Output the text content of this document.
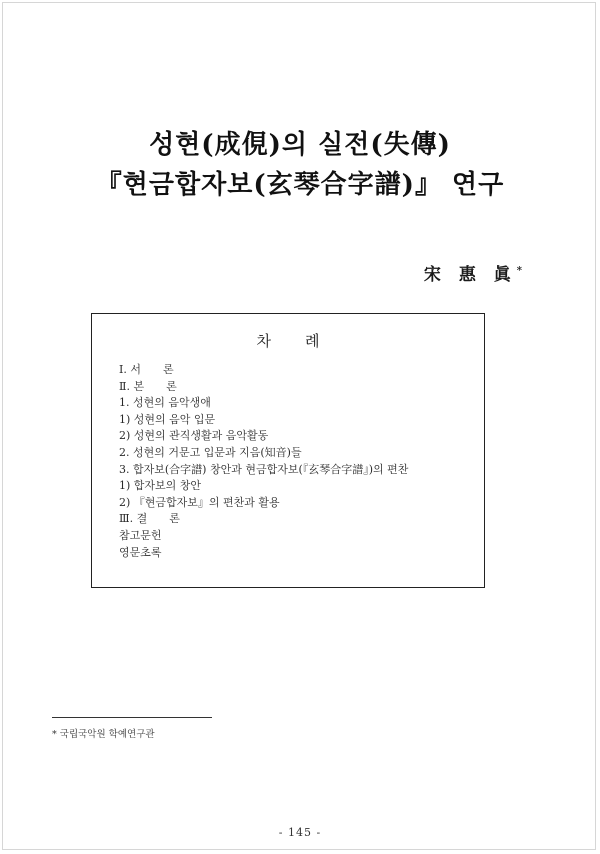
성현(成俔)의 실전(失傳)
『현금합자보(玄琴合字譜)』 연구
宋 惠 眞*
차례
Ⅰ. 서　　론
Ⅱ. 본　　론
1. 성현의 음악생애
1) 성현의 음악 입문
2) 성현의 관직생활과 음악활동
2. 성현의 거문고 입문과 지음(知音)들
3. 합자보(合字譜) 창안과 현금합자보(『玄琴合字譜』)의 편찬
1) 합자보의 창안
2) 『현금합자보』의 편찬과 활용
Ⅲ. 결　　론
참고문헌
영문초록
* 국립국악원 학예연구관
- 145 -
